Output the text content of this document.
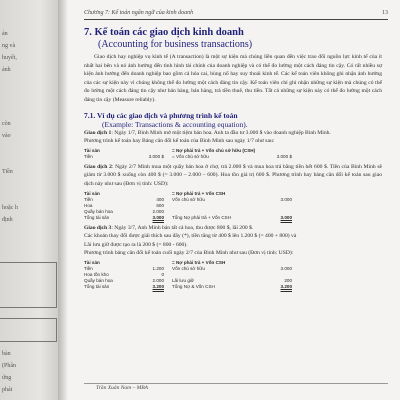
ản
ng và
huyết,
ảnh
còn
vào
Tiền
hoặc h
định
bàn
(Phân
ứng
phát
Chương 7: Kế toán ngân ngữ của kinh doanh	13
7. Kế toán các giao dịch kinh doanh
(Accounting for business transactions)
Giao dịch hay nghiệp vụ kinh tế (A transaction) là một sự kiện mà chúng liền quan đến việc trao đổi nguồn lực kinh tế của ít nhất hai bên và nó ảnh hưởng đến tình hình tài chính của doanh nghiệp và có thể đo lường một cách đáng tin cậy. Có rất nhiều sự kiện ảnh hưởng đến doanh nghiệp bao gồm cả hỏa cai, bùng nổ hay suy thoái kinh tế. Các kế toán viên không ghi nhận ảnh hưởng của các sự kiện này vì chúng không thể đo lường một cách đáng tin cậy. Kế toán viên chỉ ghi nhận những sự kiện mà chúng có thể đo lường một cách đáng tin cậy như bán hàng, bán hàng, trả tiền thuê, thu tiền. Tất cả những sự kiện này có thể đo lường một cách đáng tin cậy (Measure reliably).
7.1. Ví dụ các giao dịch và phương trình kế toán
(Example: Transactions & accounting equation).
Giao dịch 1: Ngày 1/7, Bình Minh mở một tiệm bán hoa. Anh ta đầu tư 3.000 $ vào doanh nghiệp Bình Minh.
Phương trình kế toán hay Bảng cân đối kế toán của Bình Minh sau ngày 1/7 như sau:
Tài sản	= Nợ phải trả + Vốn chủ sở hữu (CSH)
Tiền	3.000 $	= Vốn chủ sở hữu	3.000 $
Giao dịch 2: Ngày 2/7 Minh mua một quầy bán hoa ở chợ, trả 2.000 $ và mua hoa trả bằng tiền hết 600 $. Tiền của Bình Minh sẽ giảm từ 3.000 $ xuống còn 400 $ (= 3.000 – 2.000 – 600). Hoa tồn giá trị 600 $. Phương trình hay bảng cân đối kế toán sau giao dịch này như sau (Đơn vị tính: USD):
Tài sản	= Nợ phải trả + Vốn CSH
Tiền	400	Vốn chủ sở hữu	3.000
Hoa	600
Quầy bán hoa	2.000
Tổng tài sản	3.000	Tổng Nợ phải trả + Vốn CSH	3.000
Giao dịch 3: Ngày 3/7, Anh Minh bán tất cả hoa, thu được 800 $, lãi 200 $.
Các khoản thay đổi được giải thích sau đây (*), tiền tăng từ 400 $ lên 1.200 $ (= 400 + 800) và
Lãi lưu giữ được tạo ra là 200 $ (= 800 - 600).
Phương trình bảng cân đối kế toán cuối ngày 2/7 của Bình Minh như sau (Đơn vị tính: USD):
Tài sản	= Nợ phải trả + Vốn CSH
Tiền	1.200	Vốn chủ sở hữu	3.000
Hoa tồn kho	0
Quầy bán hoa	2.000	Lãi lưu giữ	200
Tổng tài sản	3.200	Tổng Nợ & Vốn CSH	3.200
Trần Xuân Nam – MBA
